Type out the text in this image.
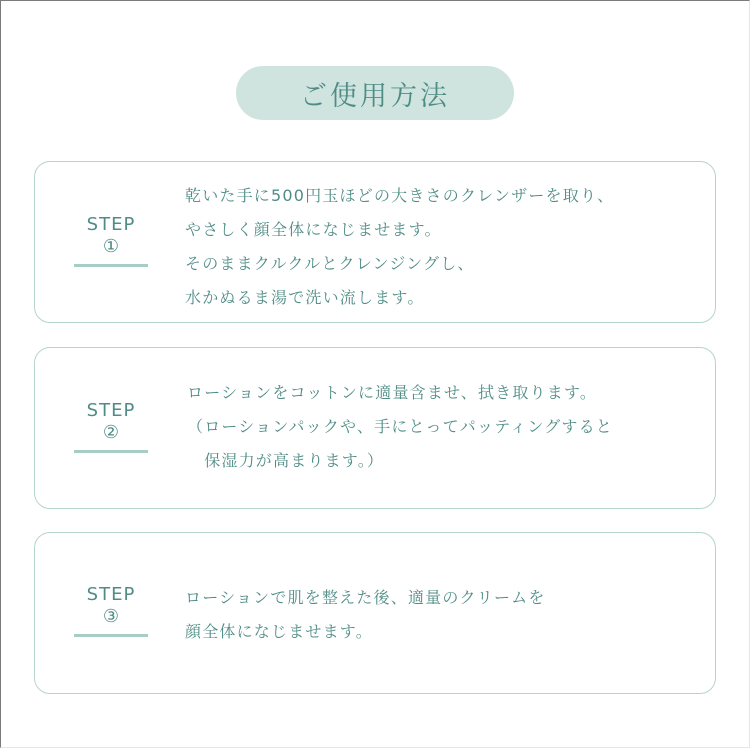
ご使用方法
STEP
①
乾いた手に500円玉ほどの大きさのクレンザーを取り、
やさしく顔全体になじませます。
そのままクルクルとクレンジングし、
水かぬるま湯で洗い流します。
STEP
②
ローションをコットンに適量含ませ、拭き取ります。
（ローションパックや、手にとってパッティングすると
　保湿力が高まります。）
STEP
③
ローションで肌を整えた後、適量のクリームを
顔全体になじませます。
